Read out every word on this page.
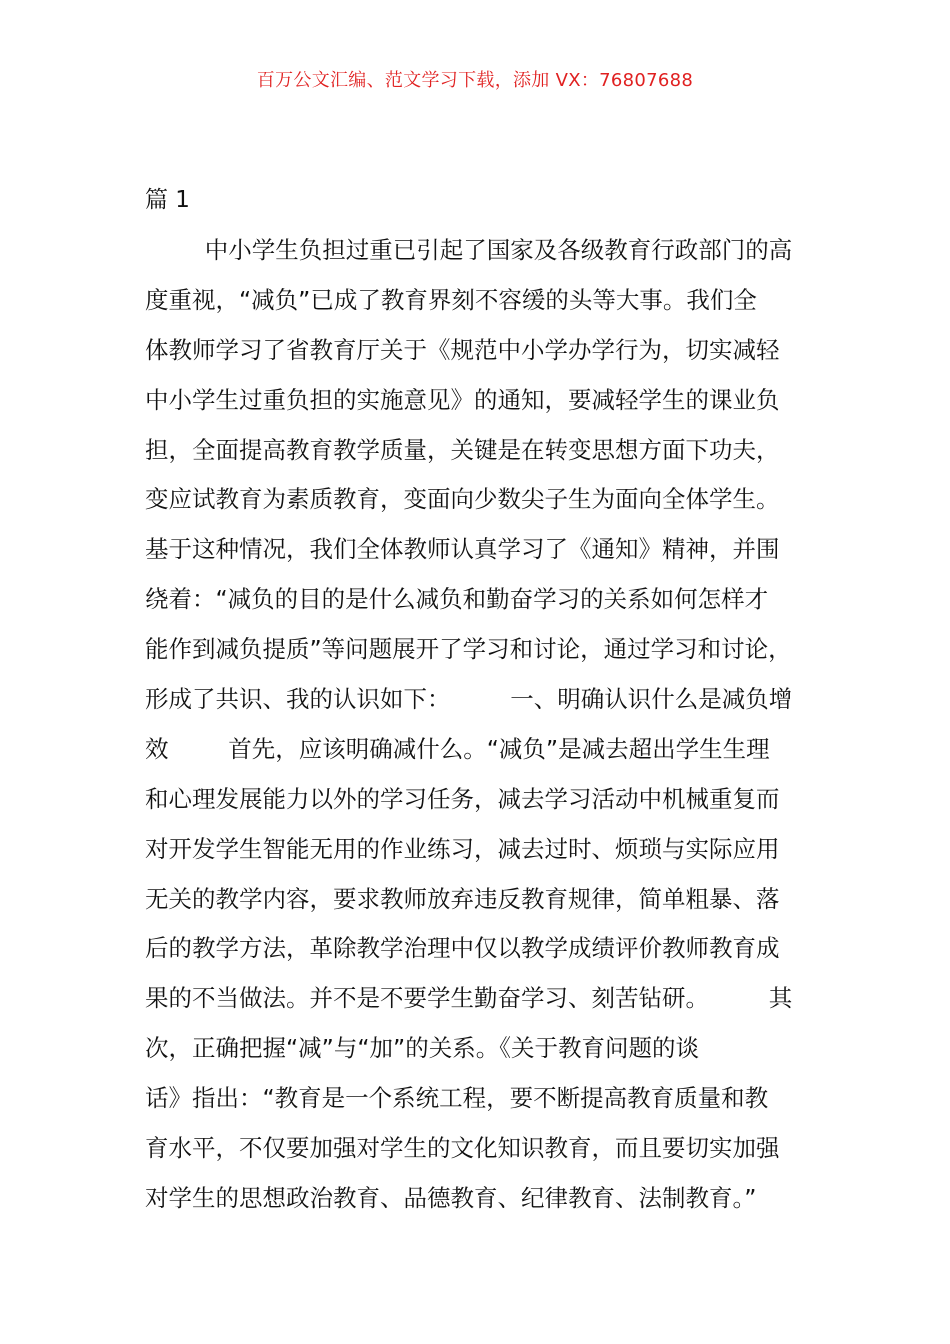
百万公文汇编、范文学习下载，添加 VX：76807688
篇 1
中小学生负担过重已引起了国家及各级教育行政部门的高
度重视，“减负”已成了教育界刻不容缓的头等大事。我们全
体教师学习了省教育厅关于《规范中小学办学行为，切实减轻
中小学生过重负担的实施意见》的通知，要减轻学生的课业负
担，全面提高教育教学质量，关键是在转变思想方面下功夫，
变应试教育为素质教育，变面向少数尖子生为面向全体学生。
基于这种情况，我们全体教师认真学习了《通知》精神，并围
绕着：“减负的目的是什么减负和勤奋学习的关系如何怎样才
能作到减负提质”等问题展开了学习和讨论，通过学习和讨论，
形成了共识、我的认识如下：        一、明确认识什么是减负增
效        首先，应该明确减什么。“减负”是减去超出学生生理
和心理发展能力以外的学习任务，减去学习活动中机械重复而
对开发学生智能无用的作业练习，减去过时、烦琐与实际应用
无关的教学内容，要求教师放弃违反教育规律，简单粗暴、落
后的教学方法，革除教学治理中仅以教学成绩评价教师教育成
果的不当做法。并不是不要学生勤奋学习、刻苦钻研。        其
次，正确把握“减”与“加”的关系。《关于教育问题的谈
话》指出：“教育是一个系统工程，要不断提高教育质量和教
育水平，不仅要加强对学生的文化知识教育，而且要切实加强
对学生的思想政治教育、品德教育、纪律教育、法制教育。”
